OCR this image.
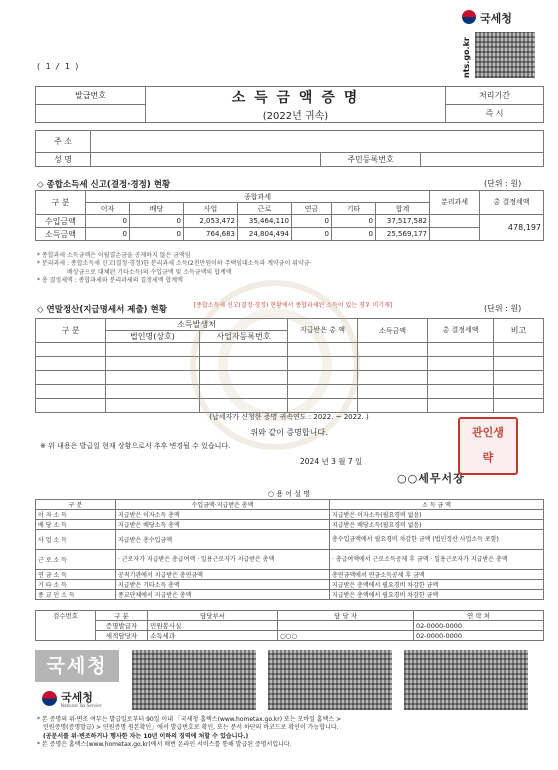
( 1 / 1 )
국세청
nts.go.kr
발급번호	소 득 금 액 증 명
(2022년 귀속)	처리기간
		즉 시
주 소			
성 명		주민등록번호	
◇ 종합소득세 신고(결정·경정) 현황	(단위 : 원)
구 분	종합과세							분리과세	총 결정세액
	이자	배당	사업	근로	연금	기타	합계		
수입금액	0	0	2,053,472	35,464,110	0	0	37,517,582		478,197
소득금액	0	0	764,683	24,804,494	0	0	25,569,177		
* 종합과세 소득금액은 이월결손금을 공제하지 않은 금액임
* 분리과세 : 종합소득세 신고(결정·경정)한 분리과세 소득(2천만원이하 주택임대소득과 계약금이 위약금·
배상금으로 대체된 기타소득)의 수입금액 및 소득금액의 합계액
* 총 결정세액 : 종합과세와 분리과세의 결정세액 합계액
◇ 연말정산(지급명세서 제출) 현황	[종합소득세 신고(결정·경정) 현황에서 종합과세된 소득이 있는 경우 미기재]	(단위 : 원)
구 분	소득발생처		지급받은 총 액	소득금액	총 결정세액	비고
	법인명(상호)	사업자등록번호				

(납세자가 신청한 증명 귀속연도 : 2022. ~ 2022. )
위와 같이 증명합니다.
※ 위 내용은 발급일 현재 상황으로서 추후 변경될 수 있습니다.
2024 년 3 월 7 일
○○세무서장
관인생략
○ 용 어 설 명
구 분	수입금액·지급받은 총액	소 득 금 액
이 자 소 득	지급받은 이자소득 총액	지급받은 이자소득(필요경비 없음)
배 당 소 득	지급받은 배당소득 총액	지급받은 배당소득(필요경비 없음)
사 업 소 득	지급받은 총수입금액	총수입금액에서 필요경비 차감한 금액 (법인정산 사업소득 포함)
근 로 소 득	· 근로자가 지급받은 총급여액 · 일용근로자가 지급받은 총액	· 총급여액에서 근로소득공제 후 금액 · 일용근로자가 지급받은 총액
연 금 소 득	공적기관에서 지급받은 총연금액	총연금액에서 연금소득공제 후 금액
기 타 소 득	지급받은 기타소득 총액	지급받은 총액에서 필요경비 차감한 금액
종 교 인 소 득	종교단체에서 지급받은 총액	지급받은 총액에서 필요경비 차감한 금액
검수번호	구 분	담당부서	담 당 자	연 락 처
	증명발급자	민원봉사실		02-0000-0000
	세적담당자	소득세과	○○○	02-0000-0000
국세청
국세청
National Tax Service
* 본 증명의 위·변조 여부는 발급일로부터 90일 이내 「국세청 홈택스(www.hometax.go.kr) 또는 모바일 홈택스 >
민원증명(증명발급) > 민원증명 원본확인」에서 발급번호로 확인, 또는 문서 하단의 바코드로 확인이 가능합니다.
(공문서를 위·변조하거나 행사한 자는 10년 이하의 징역에 처할 수 있습니다.)
* 본 증명은 홈택스(www.hometax.go.kr)에서 매번 온라인 서비스를 통해 발급된 증명서입니다.
